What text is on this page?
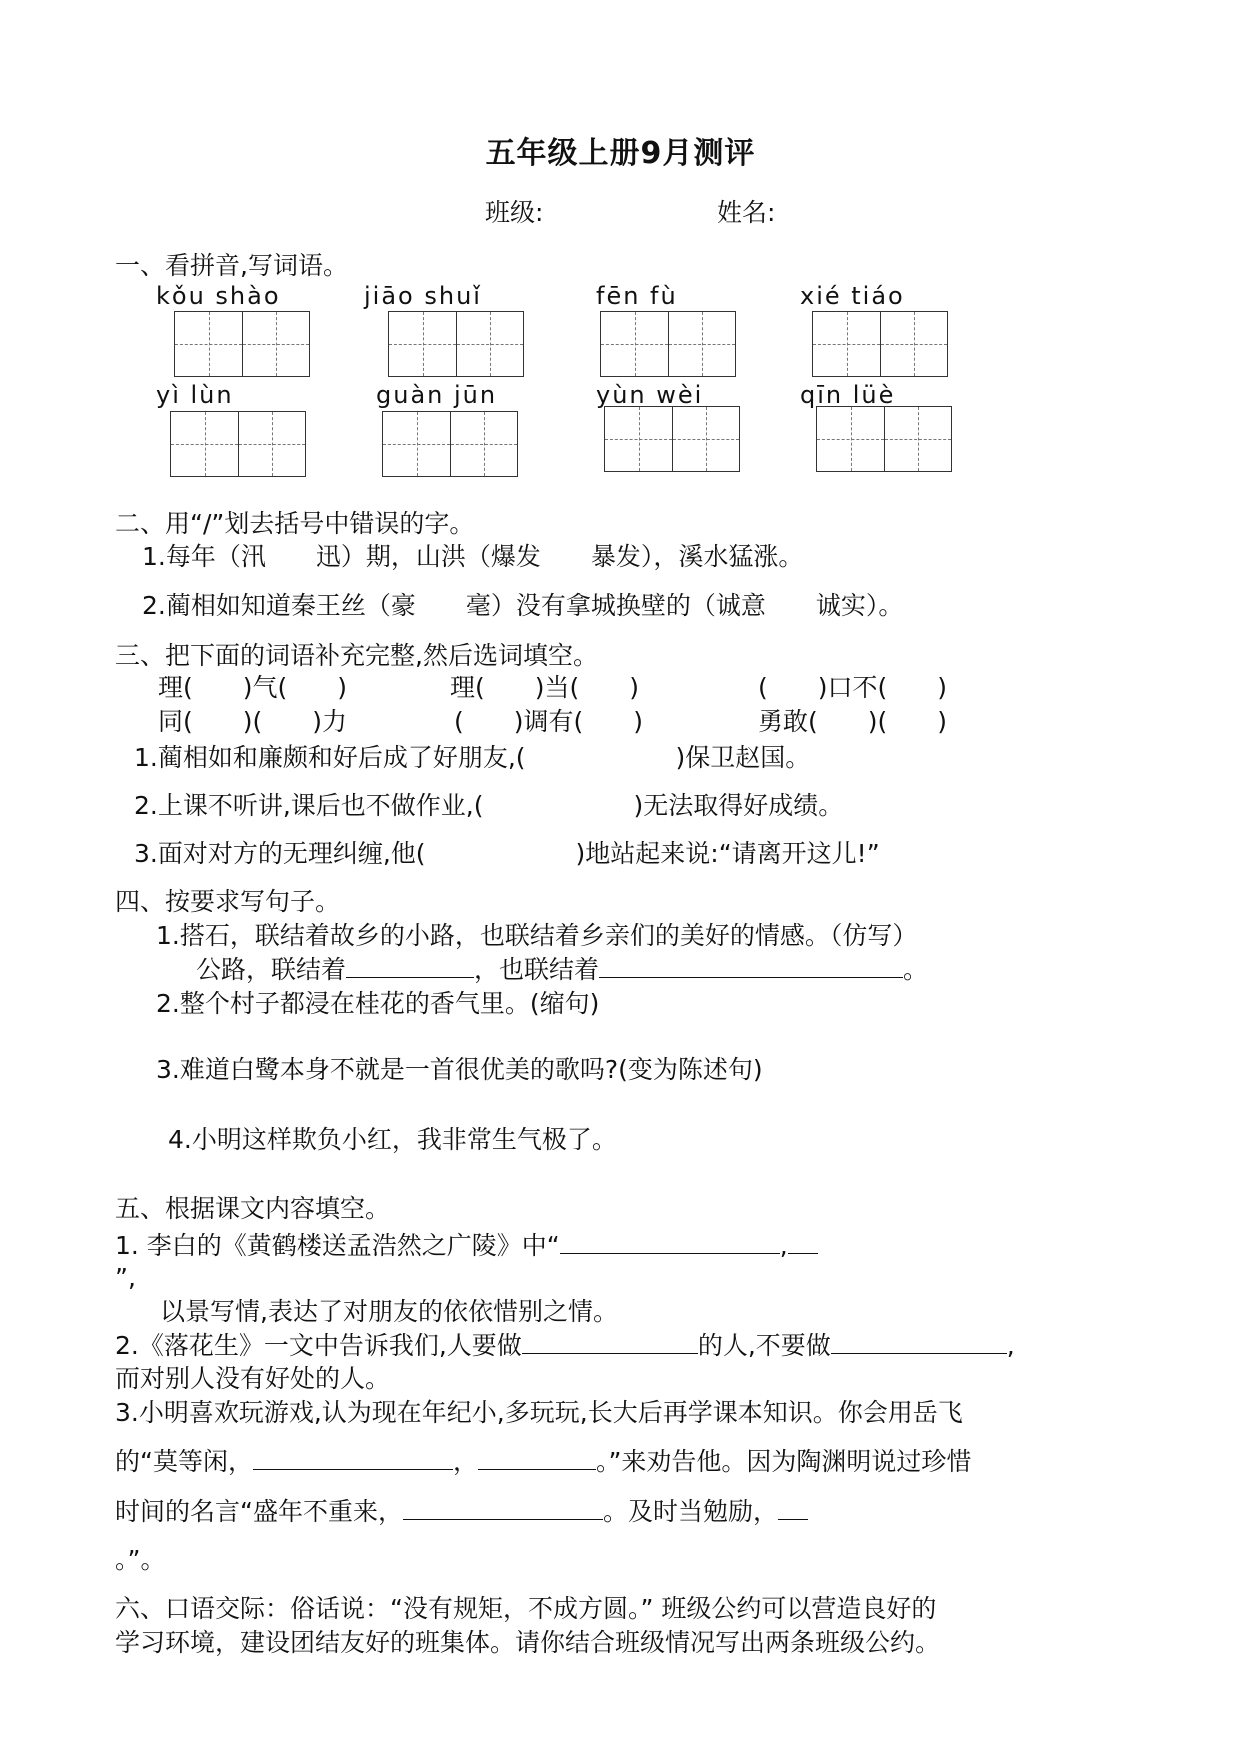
五年级上册9月测评
班级:	姓名:
一、看拼音,写词语。
kǒu shào	jiāo shuǐ	fēn fù	xié tiáo
yì lùn	guàn jūn	yùn wèi	qīn lüè
二、用“/”划去括号中错误的字。
1.每年（汛　　迅）期，山洪（爆发　　暴发），溪水猛涨。
2.蔺相如知道秦王丝（豪　　毫）没有拿城换壁的（诚意　　诚实）。
三、把下面的词语补充完整,然后选词填空。
理(　　)气(　　)	理(　　)当(　　)	(　　)口不(　　)
同(　　)(　　)力	(　　)调有(　　)	勇敢(　　)(　　)
1.蔺相如和廉颇和好后成了好朋友,(　　　　　　)保卫赵国。
2.上课不听讲,课后也不做作业,(　　　　　　)无法取得好成绩。
3.面对对方的无理纠缠,他(　　　　　　)地站起来说:“请离开这儿!”
四、按要求写句子。
1.搭石，联结着故乡的小路，也联结着乡亲们的美好的情感。（仿写）
公路，联结着	，也联结着	。
2.整个村子都浸在桂花的香气里。(缩句)
3.难道白鹭本身不就是一首很优美的歌吗?(变为陈述句)
4.小明这样欺负小红，我非常生气极了。
五、根据课文内容填空。
1. 李白的《黄鹤楼送孟浩然之广陵》中“	,
”,
以景写情,表达了对朋友的依依惜别之情。
2.《落花生》一文中告诉我们,人要做	的人,不要做	,
而对别人没有好处的人。
3.小明喜欢玩游戏,认为现在年纪小,多玩玩,长大后再学课本知识。你会用岳飞
的“莫等闲，	，	。”来劝告他。因为陶渊明说过珍惜
时间的名言“盛年不重来，	。及时当勉励，
。”。
六、口语交际：俗话说：“没有规矩，不成方圆。” 班级公约可以营造良好的
学习环境，建设团结友好的班集体。请你结合班级情况写出两条班级公约。
